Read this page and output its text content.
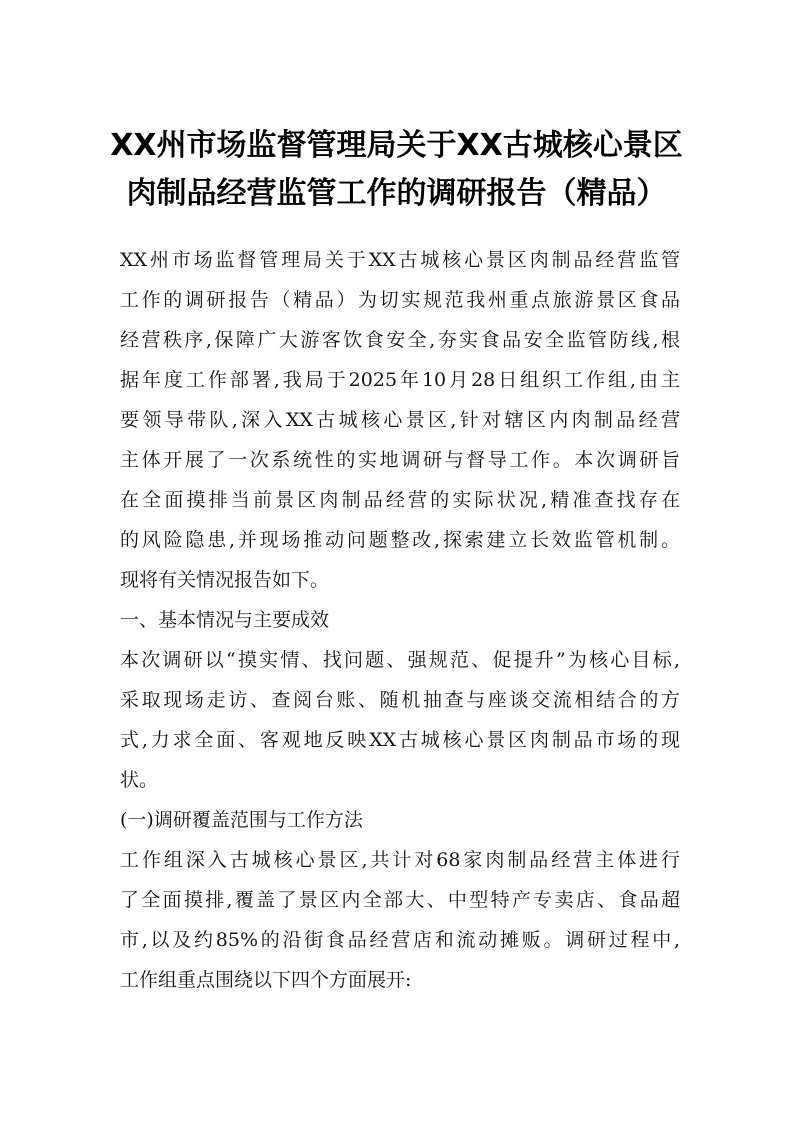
XX州市场监督管理局关于XX古城核心景区
肉制品经营监管工作的调研报告（精品）
XX州市场监督管理局关于XX古城核心景区肉制品经营监管
工作的调研报告（精品）为切实规范我州重点旅游景区食品
经营秩序,保障广大游客饮食安全,夯实食品安全监管防线,根
据年度工作部署,我局于2025年10月28日组织工作组,由主
要领导带队,深入XX古城核心景区,针对辖区内肉制品经营
主体开展了一次系统性的实地调研与督导工作。本次调研旨
在全面摸排当前景区肉制品经营的实际状况,精准查找存在
的风险隐患,并现场推动问题整改,探索建立长效监管机制。
现将有关情况报告如下。
一、基本情况与主要成效
本次调研以“摸实情、找问题、强规范、促提升”为核心目标,
采取现场走访、查阅台账、随机抽查与座谈交流相结合的方
式,力求全面、客观地反映XX古城核心景区肉制品市场的现
状。
(一)调研覆盖范围与工作方法
工作组深入古城核心景区,共计对68家肉制品经营主体进行
了全面摸排,覆盖了景区内全部大、中型特产专卖店、食品超
市,以及约85%的沿街食品经营店和流动摊贩。调研过程中,
工作组重点围绕以下四个方面展开:
